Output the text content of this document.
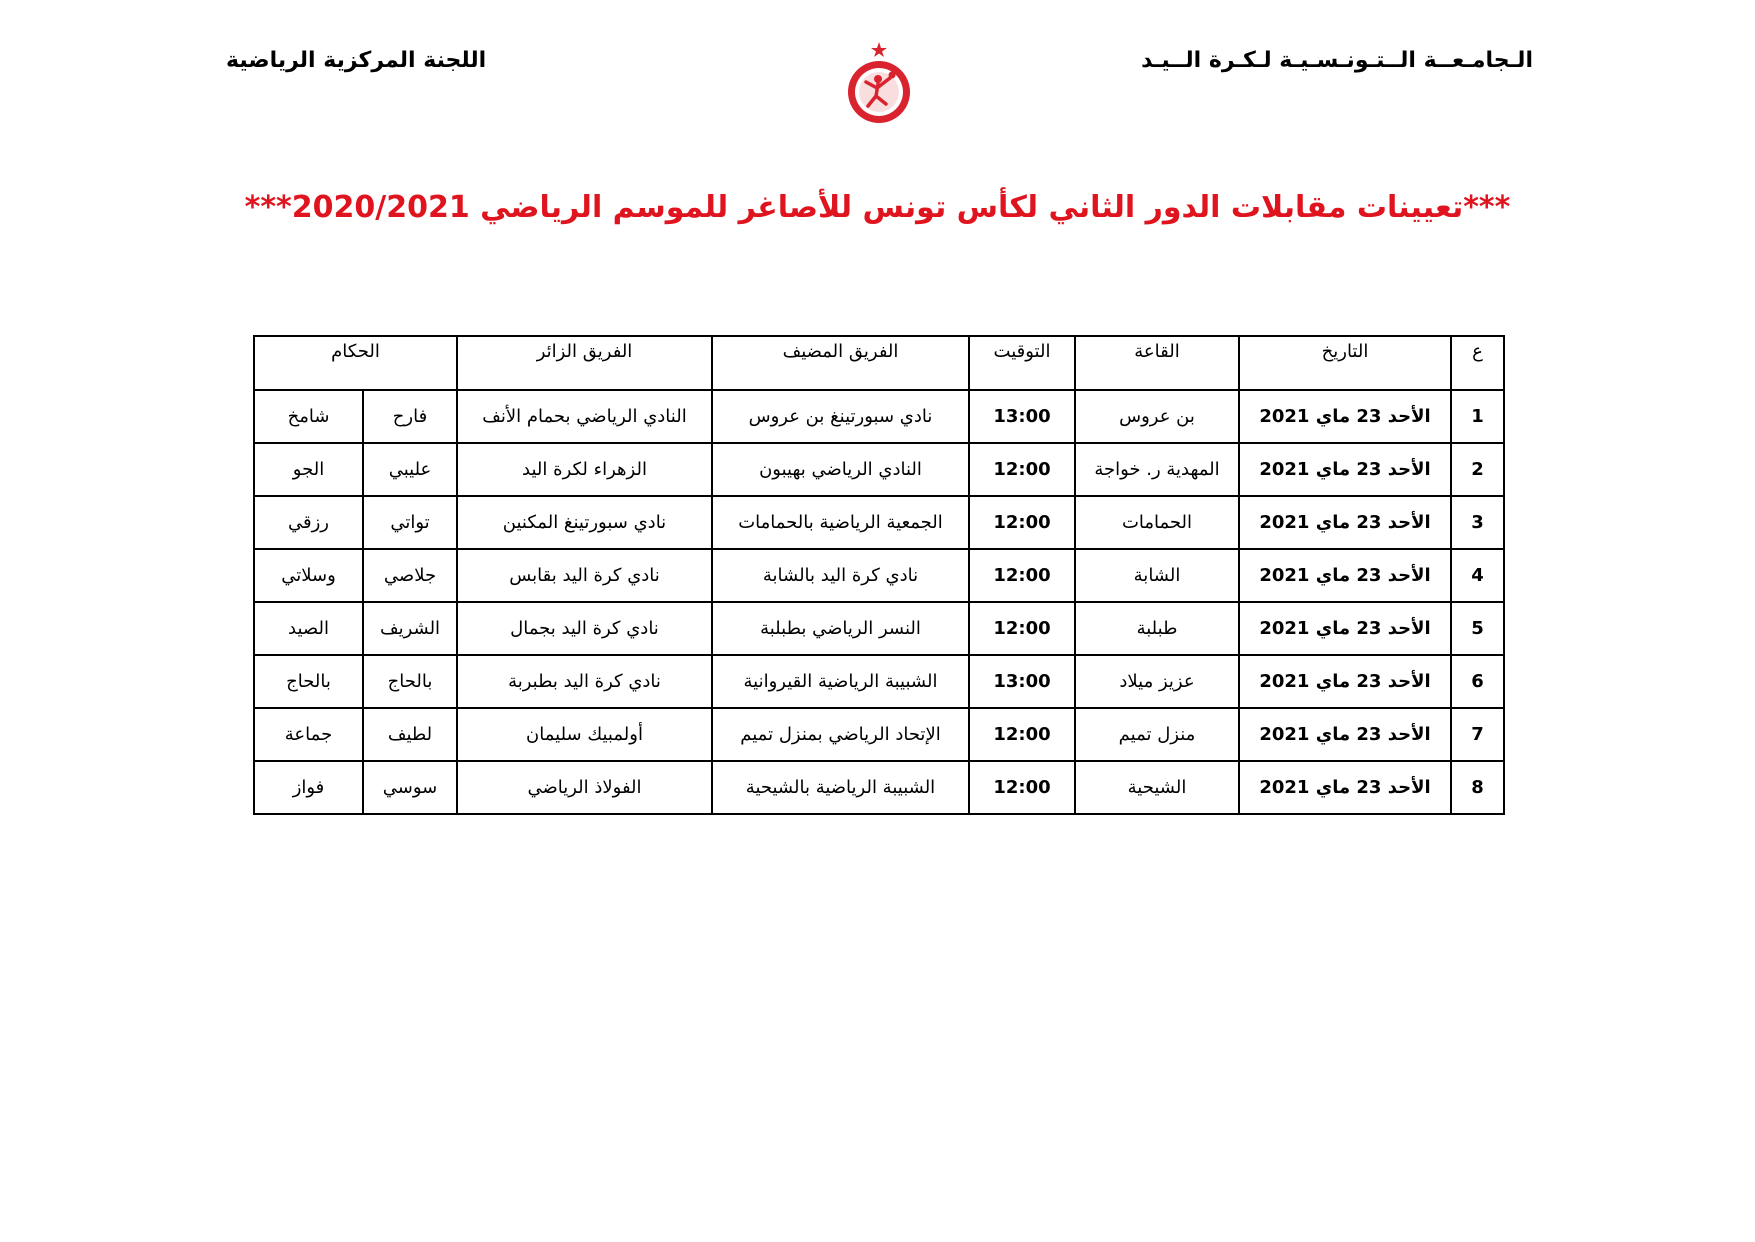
الـجامـعــة الــتـونـسـيـة لـكـرة الــيـد
اللجنة المركزية الرياضية
***تعيينات مقابلات الدور الثاني لكأس تونس للأصاغر للموسم الرياضي 2020/2021***
ع	التاريخ	القاعة	التوقيت	الفريق المضيف	الفريق الزائر	الحكام	
1	الأحد 23 ماي 2021	بن عروس	13:00	نادي سبورتينغ بن عروس	النادي الرياضي بحمام الأنف	فارح	شامخ
2	الأحد 23 ماي 2021	المهدية ر. خواجة	12:00	النادي الرياضي بهيبون	الزهراء لكرة اليد	عليبي	الجو
3	الأحد 23 ماي 2021	الحمامات	12:00	الجمعية الرياضية بالحمامات	نادي سبورتينغ المكنين	تواتي	رزقي
4	الأحد 23 ماي 2021	الشابة	12:00	نادي كرة اليد بالشابة	نادي كرة اليد بقابس	جلاصي	وسلاتي
5	الأحد 23 ماي 2021	طبلبة	12:00	النسر الرياضي بطبلبة	نادي كرة اليد بجمال	الشريف	الصيد
6	الأحد 23 ماي 2021	عزيز ميلاد	13:00	الشبيبة الرياضية القيروانية	نادي كرة اليد بطبربة	بالحاج	بالحاج
7	الأحد 23 ماي 2021	منزل تميم	12:00	الإتحاد الرياضي بمنزل تميم	أولمبيك سليمان	لطيف	جماعة
8	الأحد 23 ماي 2021	الشيحية	12:00	الشبيبة الرياضية بالشيحية	الفولاذ الرياضي	سوسي	فواز
